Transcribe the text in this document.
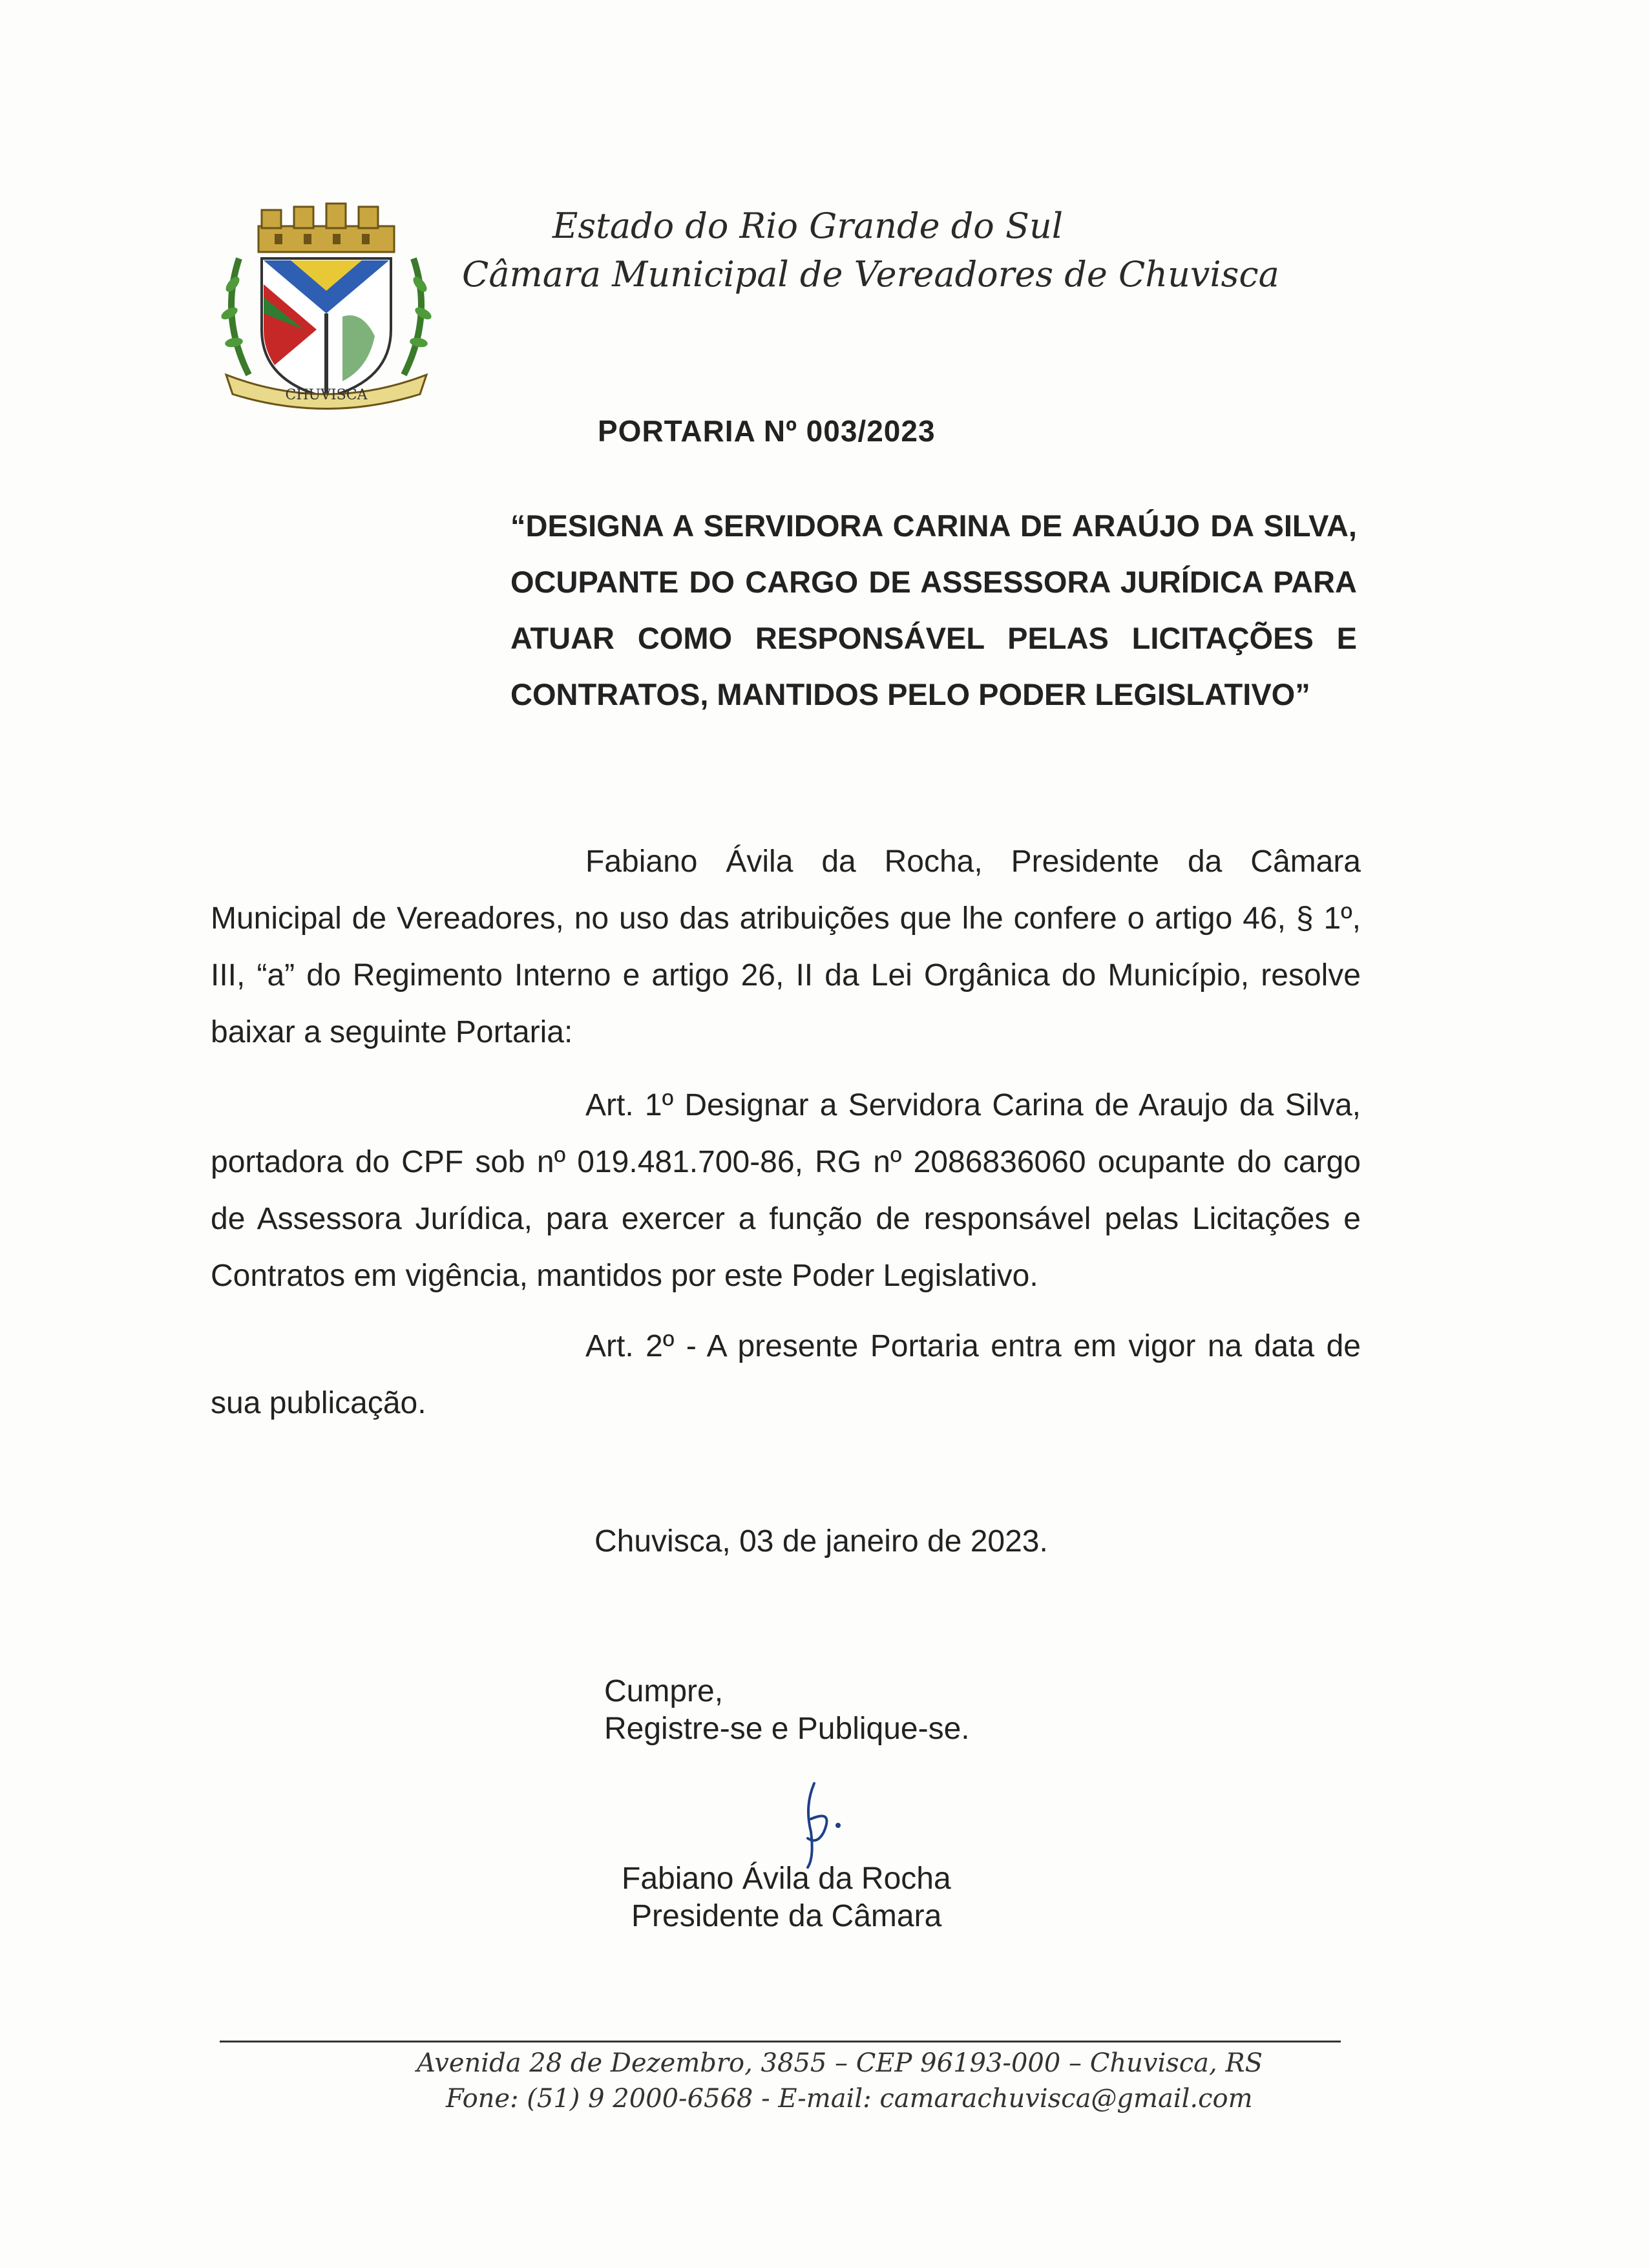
CHUVISCA
Estado do Rio Grande do Sul
Câmara Municipal de Vereadores de Chuvisca
PORTARIA Nº 003/2023
“DESIGNA A SERVIDORA CARINA DE ARAÚJO DA SILVA, OCUPANTE DO CARGO DE ASSESSORA JURÍDICA PARA ATUAR COMO RESPONSÁVEL PELAS LICITAÇÕES E CONTRATOS, MANTIDOS PELO PODER LEGISLATIVO”
Fabiano Ávila da Rocha, Presidente da Câmara Municipal de Vereadores, no uso das atribuições que lhe confere o artigo 46, § 1º, III, “a” do Regimento Interno e artigo 26, II da Lei Orgânica do Município, resolve baixar a seguinte Portaria:
Art. 1º Designar a Servidora Carina de Araujo da Silva, portadora do CPF sob nº 019.481.700-86, RG nº 2086836060 ocupante do cargo de Assessora Jurídica, para exercer a função de responsável pelas Licitações e Contratos em vigência, mantidos por este Poder Legislativo.
Art. 2º - A presente Portaria entra em vigor na data de sua publicação.
Chuvisca, 03 de janeiro de 2023.
Cumpre,
Registre-se e Publique-se.
Fabiano Ávila da Rocha
Presidente da Câmara
Avenida 28 de Dezembro, 3855 – CEP 96193-000 – Chuvisca, RS
Fone: (51) 9 2000-6568 - E-mail: camarachuvisca@gmail.com
